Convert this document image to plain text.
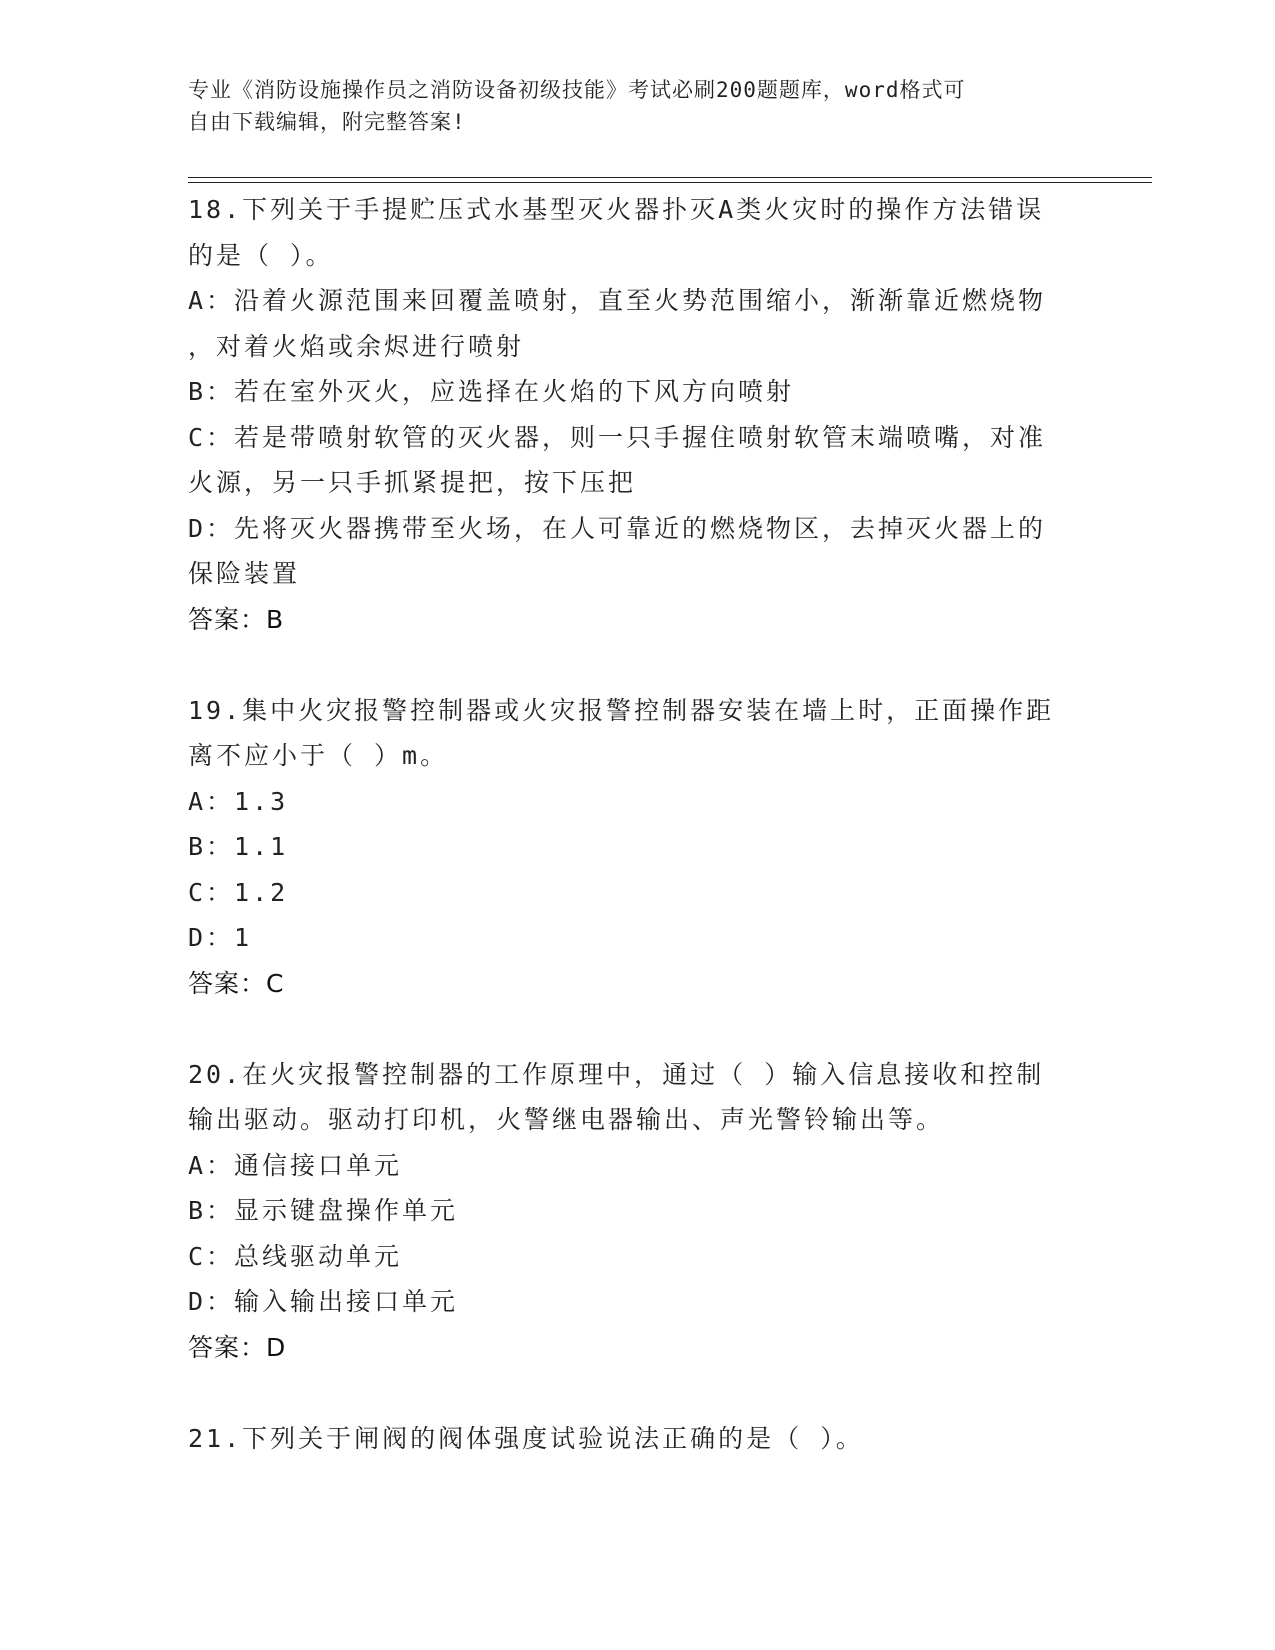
专业《消防设施操作员之消防设备初级技能》考试必刷200题题库，word格式可
自由下载编辑，附完整答案!
18.下列关于手提贮压式水基型灭火器扑灭A类火灾时的操作方法错误
的是（ ）。
A：沿着火源范围来回覆盖喷射，直至火势范围缩小，渐渐靠近燃烧物
，对着火焰或余烬进行喷射
B：若在室外灭火，应选择在火焰的下风方向喷射
C：若是带喷射软管的灭火器，则一只手握住喷射软管末端喷嘴，对准
火源，另一只手抓紧提把，按下压把
D：先将灭火器携带至火场，在人可靠近的燃烧物区，去掉灭火器上的
保险装置
答案：B
19.集中火灾报警控制器或火灾报警控制器安装在墙上时，正面操作距
离不应小于（ ）m。
A：1.3
B：1.1
C：1.2
D：1
答案：C
20.在火灾报警控制器的工作原理中，通过（ ）输入信息接收和控制
输出驱动。驱动打印机，火警继电器输出、声光警铃输出等。
A：通信接口单元
B：显示键盘操作单元
C：总线驱动单元
D：输入输出接口单元
答案：D
21.下列关于闸阀的阀体强度试验说法正确的是（ ）。
